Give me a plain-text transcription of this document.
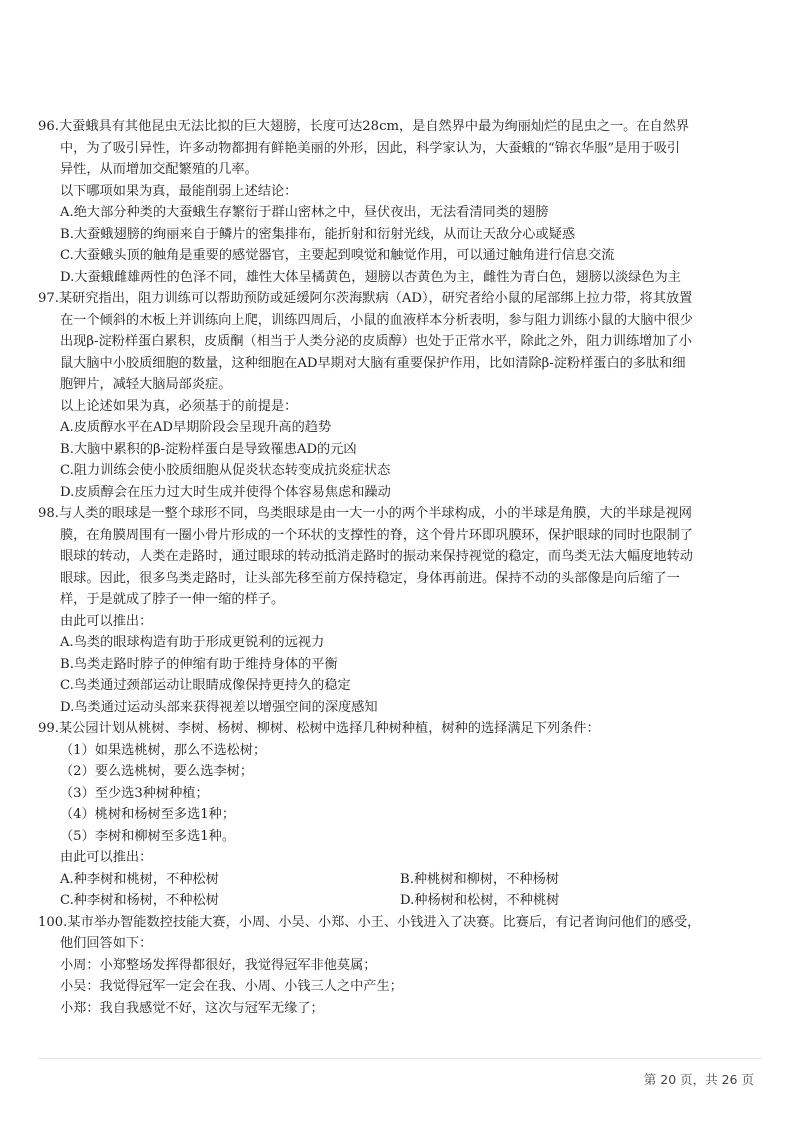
96. 大蚕蛾具有其他昆虫无法比拟的巨大翅膀，长度可达28cm，是自然界中最为绚丽灿烂的昆虫之一。在自然界
中，为了吸引异性，许多动物都拥有鲜艳美丽的外形，因此，科学家认为，大蚕蛾的“锦衣华服”是用于吸引
异性，从而增加交配繁殖的几率。
以下哪项如果为真，最能削弱上述结论：
A.绝大部分种类的大蚕蛾生存繁衍于群山密林之中，昼伏夜出，无法看清同类的翅膀
B.大蚕蛾翅膀的绚丽来自于鳞片的密集排布，能折射和衍射光线，从而让天敌分心或疑惑
C.大蚕蛾头顶的触角是重要的感觉器官，主要起到嗅觉和触觉作用，可以通过触角进行信息交流
D.大蚕蛾雌雄两性的色泽不同，雄性大体呈橘黄色，翅膀以杏黄色为主，雌性为青白色，翅膀以淡绿色为主
97. 某研究指出，阻力训练可以帮助预防或延缓阿尔茨海默病（AD），研究者给小鼠的尾部绑上拉力带，将其放置
在一个倾斜的木板上并训练向上爬，训练四周后，小鼠的血液样本分析表明，参与阻力训练小鼠的大脑中很少
出现β-淀粉样蛋白累积，皮质酮（相当于人类分泌的皮质醇）也处于正常水平，除此之外，阻力训练增加了小
鼠大脑中小胶质细胞的数量，这种细胞在AD早期对大脑有重要保护作用，比如清除β-淀粉样蛋白的多肽和细
胞钾片，减轻大脑局部炎症。
以上论述如果为真，必须基于的前提是：
A.皮质醇水平在AD早期阶段会呈现升高的趋势
B.大脑中累积的β-淀粉样蛋白是导致罹患AD的元凶
C.阻力训练会使小胶质细胞从促炎状态转变成抗炎症状态
D.皮质醇会在压力过大时生成并使得个体容易焦虑和躁动
98. 与人类的眼球是一整个球形不同，鸟类眼球是由一大一小的两个半球构成，小的半球是角膜，大的半球是视网
膜，在角膜周围有一圈小骨片形成的一个环状的支撑性的脊，这个骨片环即巩膜环，保护眼球的同时也限制了
眼球的转动，人类在走路时，通过眼球的转动抵消走路时的振动来保持视觉的稳定，而鸟类无法大幅度地转动
眼球。因此，很多鸟类走路时，让头部先移至前方保持稳定，身体再前进。保持不动的头部像是向后缩了一
样，于是就成了脖子一伸一缩的样子。
由此可以推出：
A.鸟类的眼球构造有助于形成更锐利的远视力
B.鸟类走路时脖子的伸缩有助于维持身体的平衡
C.鸟类通过颈部运动让眼睛成像保持更持久的稳定
D.鸟类通过运动头部来获得视差以增强空间的深度感知
99. 某公园计划从桃树、李树、杨树、柳树、松树中选择几种树种植，树种的选择满足下列条件：
（1）如果选桃树，那么不选松树；
（2）要么选桃树，要么选李树；
（3）至少选3种树种植；
（4）桃树和杨树至多选1种；
（5）李树和柳树至多选1种。
由此可以推出：
A.种李树和桃树，不种松树	B.种桃树和柳树，不种杨树
C.种李树和杨树，不种松树	D.种杨树和松树，不种桃树
100. 某市举办智能数控技能大赛，小周、小吴、小郑、小王、小钱进入了决赛。比赛后，有记者询问他们的感受，
他们回答如下：
小周：小郑整场发挥得都很好，我觉得冠军非他莫属；
小吴：我觉得冠军一定会在我、小周、小钱三人之中产生；
小郑：我自我感觉不好，这次与冠军无缘了；
第 20 页，共 26 页
